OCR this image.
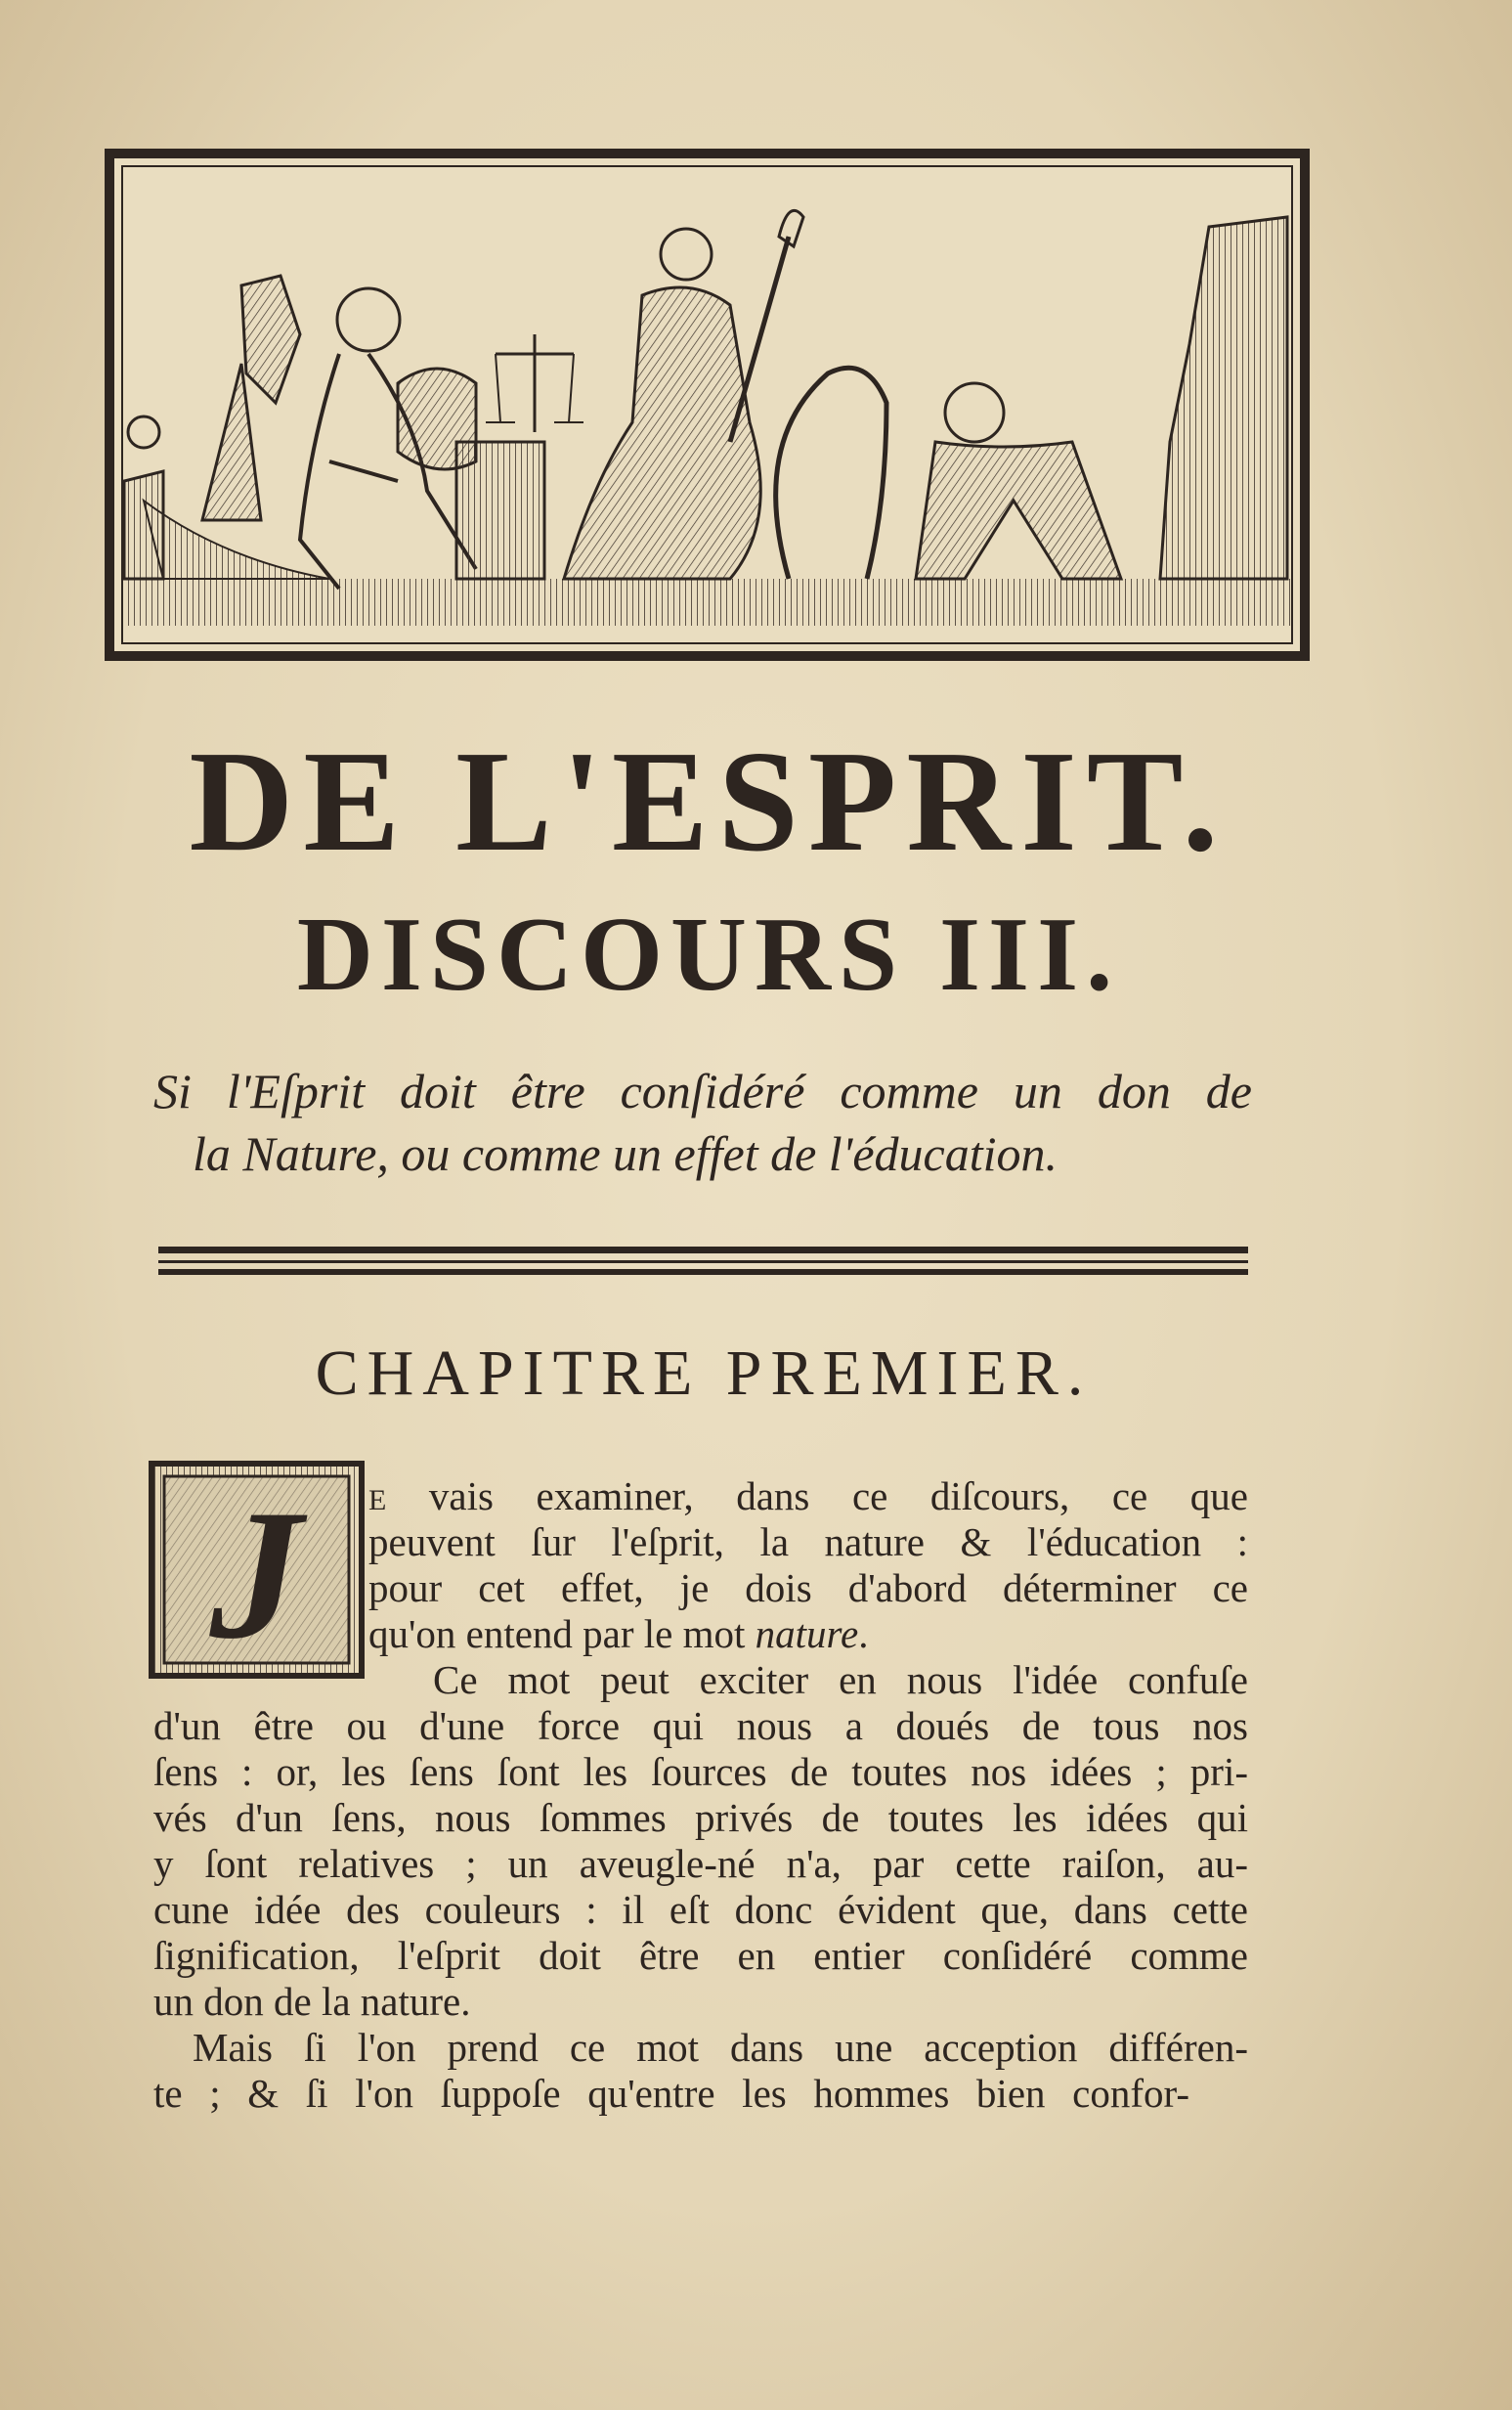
DE L'ESPRIT.
DISCOURS III.
Si l'Eſprit doit être conſidéré comme un don de
la Nature, ou comme un effet de l'éducation.
CHAPITRE PREMIER.
J E vais examiner, dans ce diſcours, ce que
peuvent ſur l'eſprit, la nature & l'éducation :
pour cet effet, je dois d'abord déterminer ce
qu'on entend par le mot nature.
Ce mot peut exciter en nous l'idée confuſe
d'un être ou d'une force qui nous a doués de tous nos
ſens : or, les ſens ſont les ſources de toutes nos idées ; pri-
vés d'un ſens, nous ſommes privés de toutes les idées qui
y ſont relatives ; un aveugle-né n'a, par cette raiſon, au-
cune idée des couleurs : il eſt donc évident que, dans cette
ſignification, l'eſprit doit être en entier conſidéré comme
un don de la nature.
Mais ſi l'on prend ce mot dans une acception différen-
te ; & ſi l'on ſuppoſe qu'entre les hommes bien confor-
